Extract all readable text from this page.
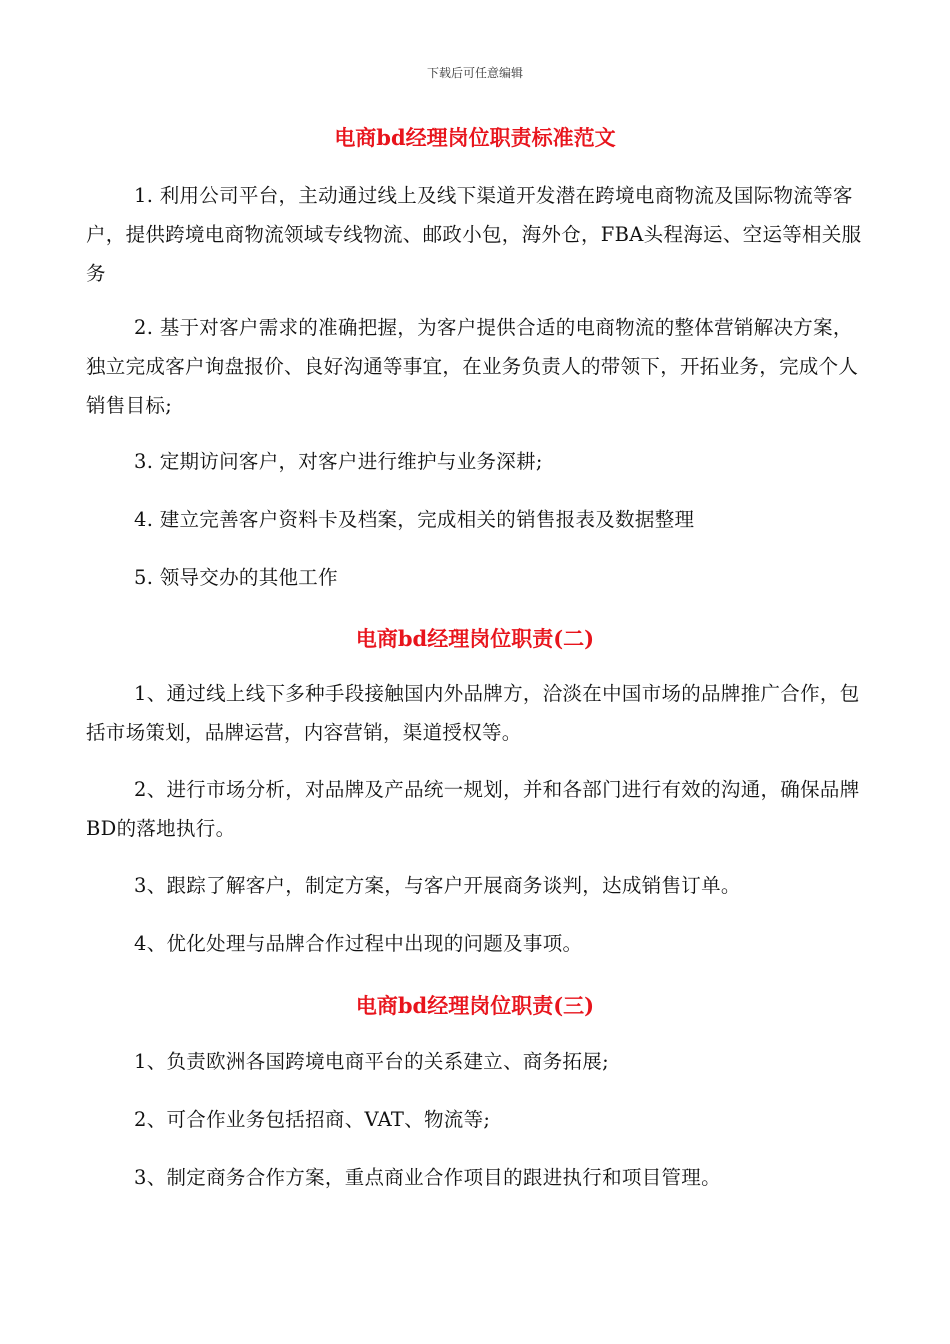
下载后可任意编辑
电商bd经理岗位职责标准范文

1. 利用公司平台，主动通过线上及线下渠道开发潜在跨境电商物流及国际物流等客户，提供跨境电商物流领域专线物流、邮政小包，海外仓，FBA头程海运、空运等相关服务

2. 基于对客户需求的准确把握，为客户提供合适的电商物流的整体营销解决方案，独立完成客户询盘报价、良好沟通等事宜，在业务负责人的带领下，开拓业务，完成个人销售目标;

3. 定期访问客户，对客户进行维护与业务深耕;

4. 建立完善客户资料卡及档案，完成相关的销售报表及数据整理

5. 领导交办的其他工作

电商bd经理岗位职责(二)

1、通过线上线下多种手段接触国内外品牌方，洽淡在中国市场的品牌推广合作，包括市场策划，品牌运营，内容营销，渠道授权等。

2、进行市场分析，对品牌及产品统一规划，并和各部门进行有效的沟通，确保品牌BD的落地执行。

3、跟踪了解客户，制定方案，与客户开展商务谈判，达成销售订单。

4、优化处理与品牌合作过程中出现的问题及事项。

电商bd经理岗位职责(三)

1、负责欧洲各国跨境电商平台的关系建立、商务拓展;

2、可合作业务包括招商、VAT、物流等;

3、制定商务合作方案，重点商业合作项目的跟进执行和项目管理。
